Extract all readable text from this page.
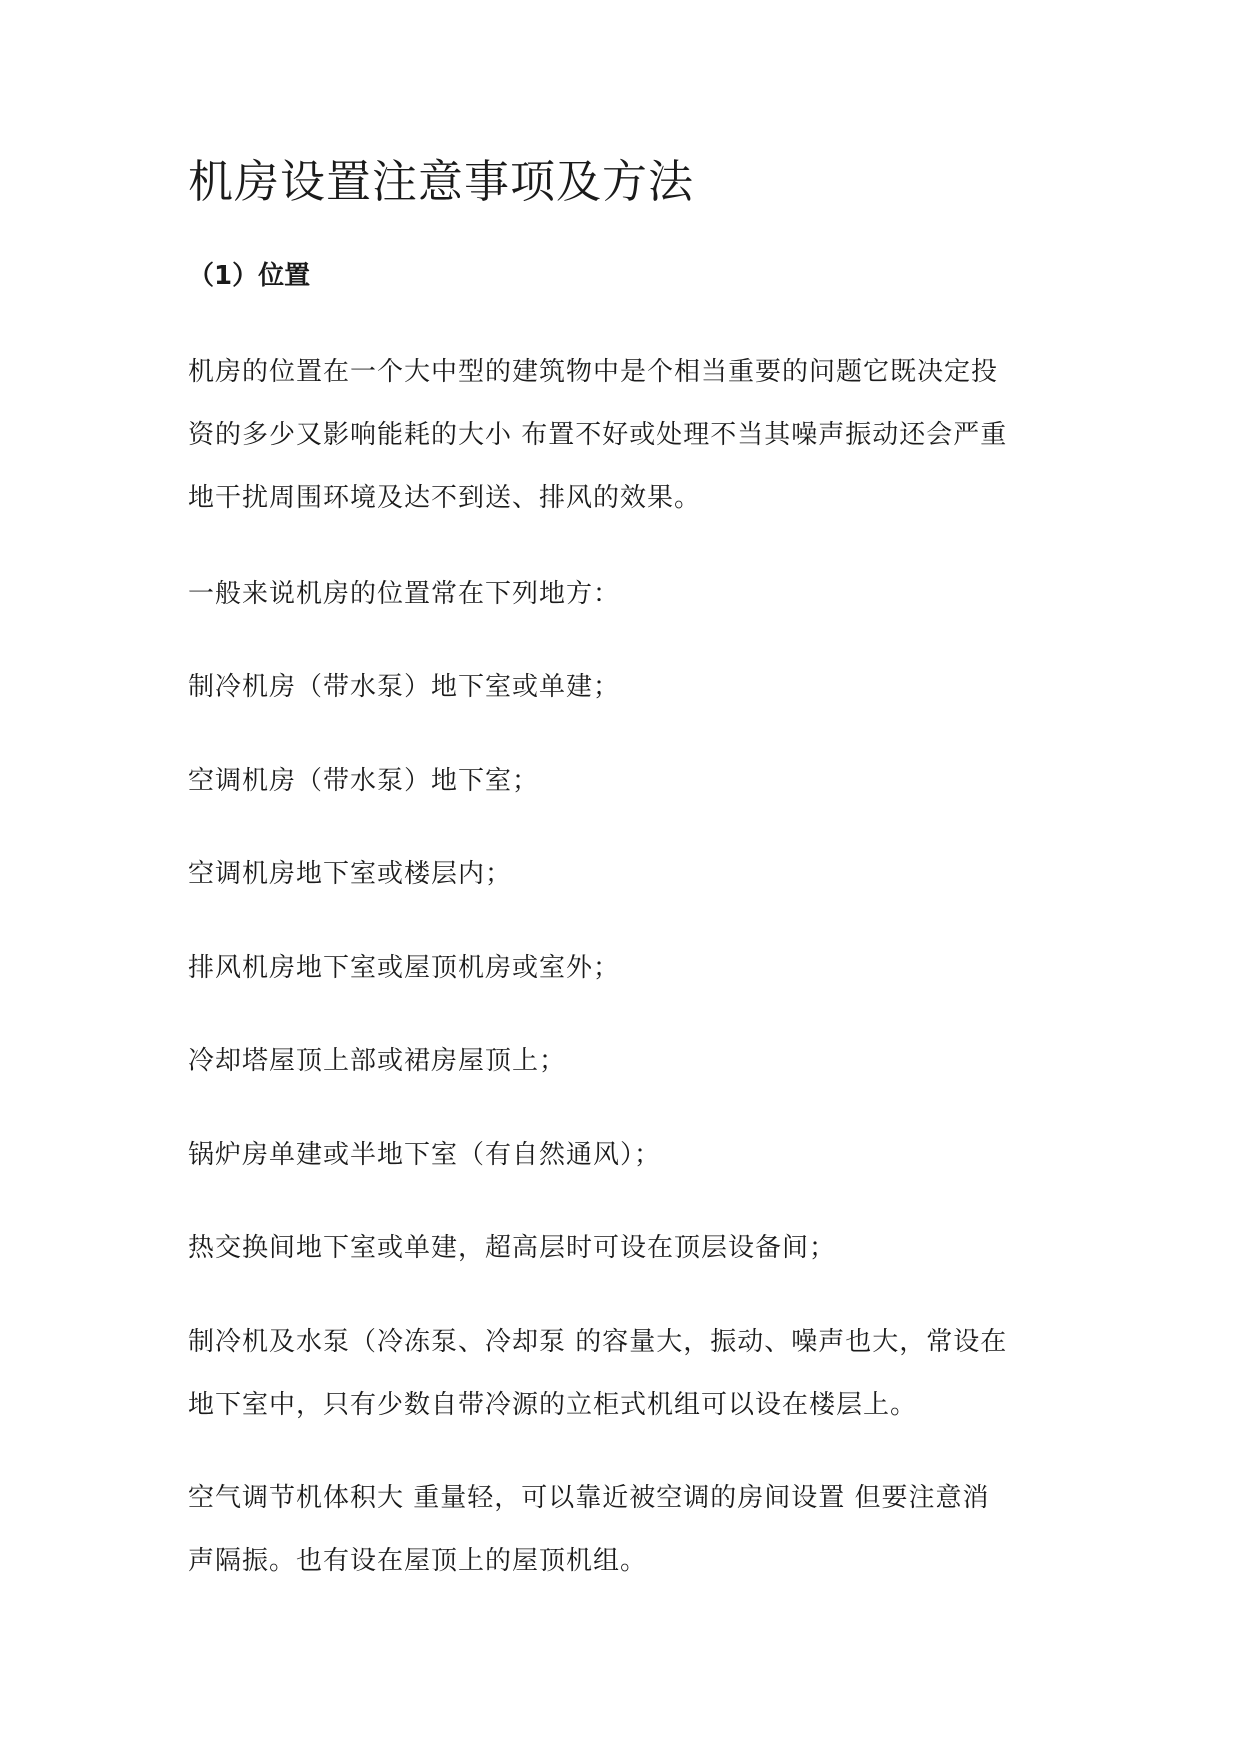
机房设置注意事项及方法
（1）位置

机房的位置在一个大中型的建筑物中是个相当重要的问题它既决定投

资的多少又影响能耗的大小 布置不好或处理不当其噪声振动还会严重

地干扰周围环境及达不到送、排风的效果。

一般来说机房的位置常在下列地方：

制冷机房（带水泵）地下室或单建；

空调机房（带水泵）地下室；

空调机房地下室或楼层内；

排风机房地下室或屋顶机房或室外；

冷却塔屋顶上部或裙房屋顶上；

锅炉房单建或半地下室（有自然通风）；

热交换间地下室或单建，超高层时可设在顶层设备间；

制冷机及水泵（冷冻泵、冷却泵 的容量大，振动、噪声也大，常设在

地下室中，只有少数自带冷源的立柜式机组可以设在楼层上。

空气调节机体积大 重量轻，可以靠近被空调的房间设置 但要注意消

声隔振。也有设在屋顶上的屋顶机组。
